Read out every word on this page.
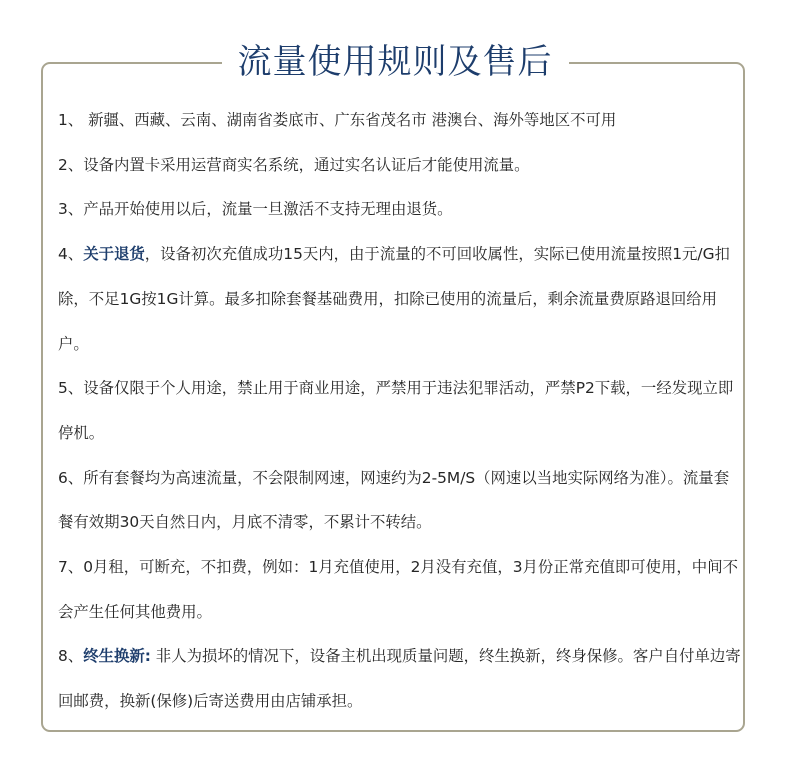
流量使用规则及售后
1、 新疆、西藏、云南、湖南省娄底市、广东省茂名市 港澳台、海外等地区不可用
2、设备内置卡采用运营商实名系统，通过实名认证后才能使用流量。
3、产品开始使用以后，流量一旦激活不支持无理由退货。
4、关于退货，设备初次充值成功15天内，由于流量的不可回收属性，实际已使用流量按照1元/G扣除，不足1G按1G计算。最多扣除套餐基础费用，扣除已使用的流量后，剩余流量费原路退回给用户。
5、设备仅限于个人用途，禁止用于商业用途，严禁用于违法犯罪活动，严禁P2下载，一经发现立即停机。
6、所有套餐均为高速流量，不会限制网速，网速约为2-5M/S（网速以当地实际网络为准）。流量套餐有效期30天自然日内，月底不清零，不累计不转结。
7、0月租，可断充，不扣费，例如：1月充值使用，2月没有充值，3月份正常充值即可使用，中间不会产生任何其他费用。
8、终生换新: 非人为损坏的情况下，设备主机出现质量问题，终生换新，终身保修。客户自付单边寄回邮费，换新(保修)后寄送费用由店铺承担。
